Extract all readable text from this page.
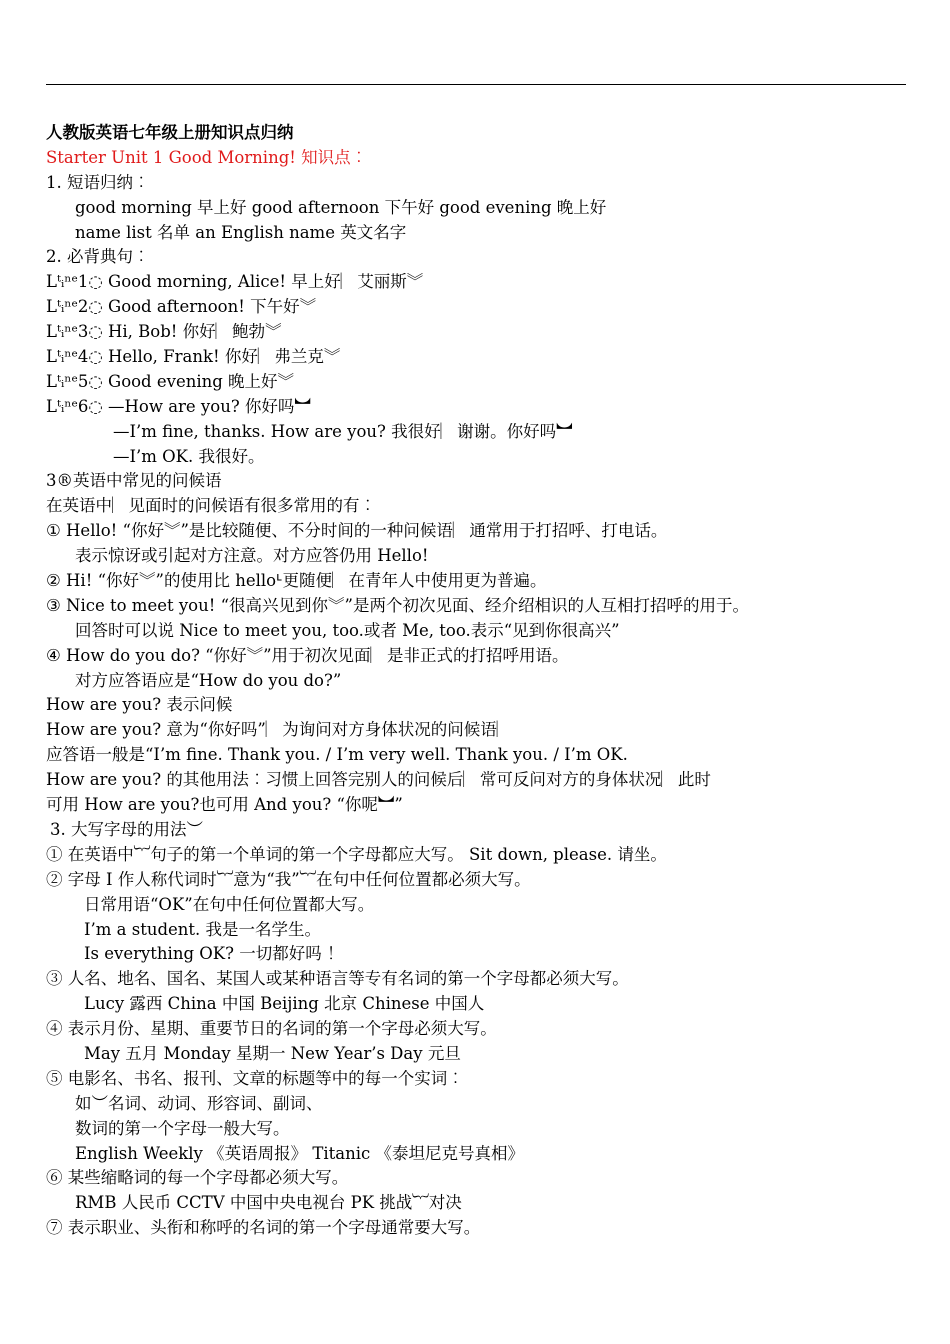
人教版英语七年级上册知识点归纳
Starter Unit 1 Good Morning! 知识点︰
1. 短语归纳︰
good morning 早上好 good afternoon 下午好 good evening 晚上好
name list 名单 an English name 英文名字
2. 必背典句︰
Lᵗᵢⁿᵉ1◌ Good morning, Alice! 早上好︳艾丽斯︾
Lᵗᵢⁿᵉ2◌ Good afternoon! 下午好︾
Lᵗᵢⁿᵉ3◌ Hi, Bob! 你好︳鲍勃︾
Lᵗᵢⁿᵉ4◌ Hello, Frank! 你好︳弗兰克︾
Lᵗᵢⁿᵉ5◌ Good evening 晚上好︾
Lᵗᵢⁿᵉ6◌ —How are you? 你好吗︼
—I’m fine, thanks. How are you? 我很好︳谢谢。你好吗︼
—I’m OK. 我很好。
3®英语中常见的问候语
在英语中︳见面时的问候语有很多常用的有︰
① Hello! “你好︾”是比较随便、不分时间的一种问候语︳通常用于打招呼、打电话。
表示惊讶或引起对方注意。对方应答仍用 Hello!
② Hi! “你好︾”的使用比 helloᒻ更随便︳在青年人中使用更为普遍。
③ Nice to meet you! “很高兴见到你︾”是两个初次见面、经介绍相识的人互相打招呼的用于。
回答时可以说 Nice to meet you, too.或者 Me, too.表示“见到你很高兴”
④ How do you do? “你好︾”用于初次见面︳是非正式的打招呼用语。
对方应答语应是“How do you do?”
How are you? 表示问候
How are you? 意为“你好吗”︳为询问对方身体状况的问候语︳
应答语一般是“I’m fine. Thank you. / I’m very well. Thank you. / I’m OK.
How are you? 的其他用法︰习惯上回答完别人的问候后︳常可反问对方的身体状况︳此时
可用 How are you?也可用 And you? “你呢︼”
3. 大写字母的用法︶
① 在英语中︸句子的第一个单词的第一个字母都应大写。 Sit down, please. 请坐。
② 字母 I 作人称代词时︸意为“我”︸在句中任何位置都必须大写。
日常用语“OK”在句中任何位置都大写。
I’m a student. 我是一名学生。
Is everything OK? 一切都好吗 ！
③ 人名、地名、国名、某国人或某种语言等专有名词的第一个字母都必须大写。
Lucy 露西 China 中国 Beijing 北京 Chinese 中国人
④ 表示月份、星期、重要节日的名词的第一个字母必须大写。
May 五月 Monday 星期一 New Year’s Day 元旦
⑤ 电影名、书名、报刊、文章的标题等中的每一个实词︰
如︶名词、动词、形容词、副词、
数词的第一个字母一般大写。
English Weekly 《英语周报》 Titanic 《泰坦尼克号真相》
⑥ 某些缩略词的每一个字母都必须大写。
RMB 人民币 CCTV 中国中央电视台 PK 挑战︸对决
⑦ 表示职业、头衔和称呼的名词的第一个字母通常要大写。
